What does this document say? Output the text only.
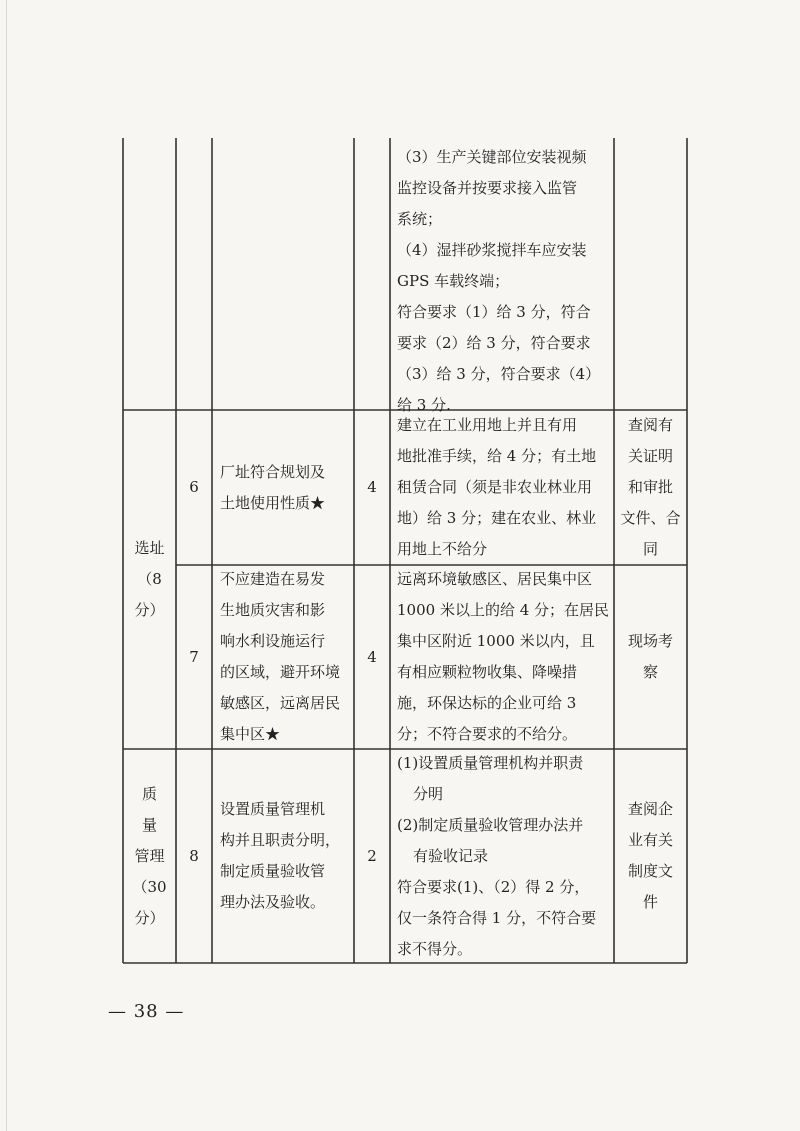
（3）生产关键部位安装视频
监控设备并按要求接入监管
系统；
（4）湿拌砂浆搅拌车应安装
GPS 车载终端；
符合要求（1）给 3 分，符合
要求（2）给 3 分，符合要求
（3）给 3 分，符合要求（4）
给 3 分.
选址
（8
分）
6
厂址符合规划及
土地使用性质★
4
建立在工业用地上并且有用
地批准手续，给 4 分；有土地
租赁合同（须是非农业林业用
地）给 3 分；建在农业、林业
用地上不给分
查阅有
关证明
和审批
文件、合
同
7
不应建造在易发
生地质灾害和影
响水利设施运行
的区域，避开环境
敏感区，远离居民
集中区★
4
远离环境敏感区、居民集中区
1000 米以上的给 4 分；在居民
集中区附近 1000 米以内，且
有相应颗粒物收集、降噪措
施，环保达标的企业可给 3
分；不符合要求的不给分。
现场考
察
质
量
管理
（30
分）
8
设置质量管理机
构并且职责分明，
制定质量验收管
理办法及验收。
2
(1)设置质量管理机构并职责
分明
(2)制定质量验收管理办法并
有验收记录
符合要求(1)、（2）得 2 分，
仅一条符合得 1 分，不符合要
求不得分。
查阅企
业有关
制度文
件
— 38 —
